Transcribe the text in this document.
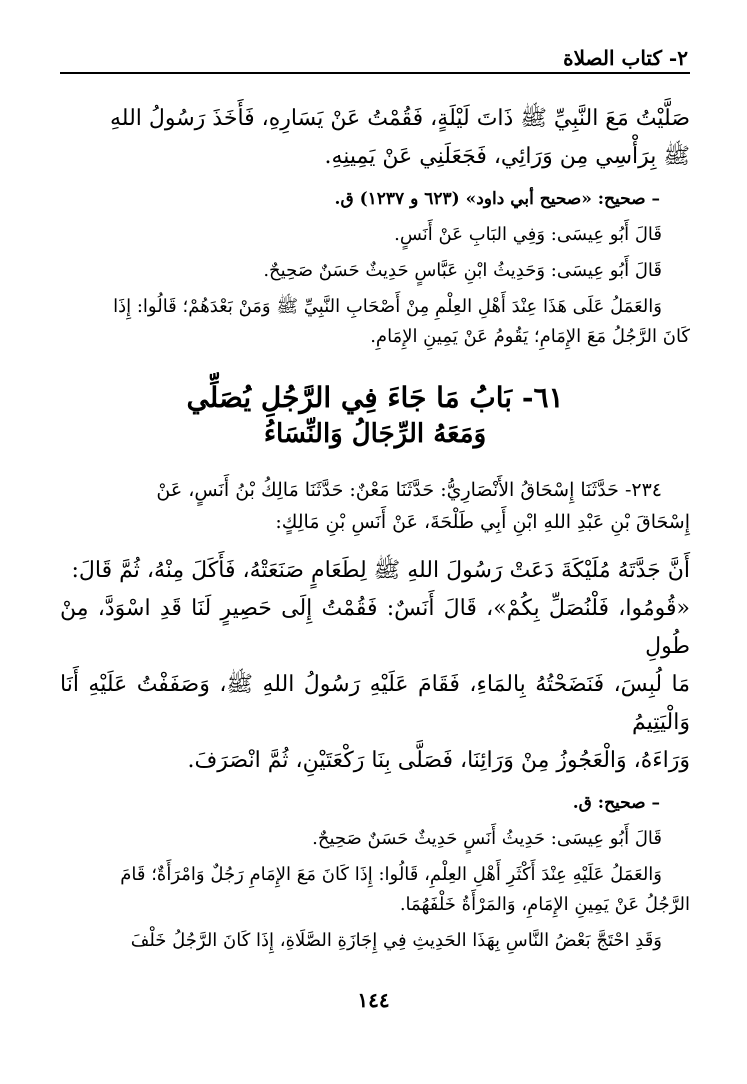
٢- كتاب الصلاة

صَلَّيْتُ مَعَ النَّبِيِّ ﷺ ذَاتَ لَيْلَةٍ، فَقُمْتُ عَنْ يَسَارِهِ، فَأَخَذَ رَسُولُ اللهِ

ﷺ بِرَأْسِي مِن وَرَائِي، فَجَعَلَنِي عَنْ يَمِينِهِ.

– صحيح: «صحيح أبي داود» (٦٢٣ و ١٢٣٧) ق.

قَالَ أَبُو عِيسَى: وَفِي البَابِ عَنْ أَنَسٍ.

قَالَ أَبُو عِيسَى: وَحَدِيثُ ابْنِ عَبَّاسٍ حَدِيثٌ حَسَنٌ صَحِيحٌ.

وَالعَمَلُ عَلَى هَذَا عِنْدَ أَهْلِ العِلْمِ مِنْ أَصْحَابِ النَّبِيِّ ﷺ وَمَنْ بَعْدَهُمْ؛ قَالُوا: إِذَا

كَانَ الرَّجُلُ مَعَ الإِمَامِ؛ يَقُومُ عَنْ يَمِينِ الإِمَامِ.

٦١- بَابُ مَا جَاءَ فِي الرَّجُلِ يُصَلِّي
وَمَعَهُ الرِّجَالُ وَالنِّسَاءُ

٢٣٤- حَدَّثَنَا إِسْحَاقُ الأَنْصَارِيُّ: حَدَّثَنَا مَعْنٌ: حَدَّثَنَا مَالِكُ بْنُ أَنَسٍ، عَنْ

إِسْحَاقَ بْنِ عَبْدِ اللهِ ابْنِ أَبِي طَلْحَةَ، عَنْ أَنَسِ بْنِ مَالِكٍ:

أَنَّ جَدَّتَهُ مُلَيْكَةَ دَعَتْ رَسُولَ اللهِ ﷺ لِطَعَامٍ صَنَعَتْهُ، فَأَكَلَ مِنْهُ، ثُمَّ قَالَ:

«قُومُوا، فَلْنُصَلِّ بِكُمْ»، قَالَ أَنَسٌ: فَقُمْتُ إِلَى حَصِيرٍ لَنَا قَدِ اسْوَدَّ، مِنْ طُولِ

مَا لُبِسَ، فَنَضَحْتُهُ بِالمَاءِ، فَقَامَ عَلَيْهِ رَسُولُ اللهِ ﷺ، وَصَفَفْتُ عَلَيْهِ أَنَا وَالْيَتِيمُ

وَرَاءَهُ، وَالْعَجُوزُ مِنْ وَرَائِنَا، فَصَلَّى بِنَا رَكْعَتَيْنِ، ثُمَّ انْصَرَفَ.

– صحيح: ق.

قَالَ أَبُو عِيسَى: حَدِيثُ أَنَسٍ حَدِيثٌ حَسَنٌ صَحِيحٌ.

وَالعَمَلُ عَلَيْهِ عِنْدَ أَكْثَرِ أَهْلِ العِلْمِ، قَالُوا: إِذَا كَانَ مَعَ الإِمَامِ رَجُلٌ وَامْرَأَةٌ؛ قَامَ

الرَّجُلُ عَنْ يَمِينِ الإِمَامِ، وَالمَرْأَةُ خَلْفَهُمَا.

وَقَدِ احْتَجَّ بَعْضُ النَّاسِ بِهَذَا الحَدِيثِ فِي إِجَازَةِ الصَّلَاةِ، إِذَا كَانَ الرَّجُلُ خَلْفَ

١٤٤
